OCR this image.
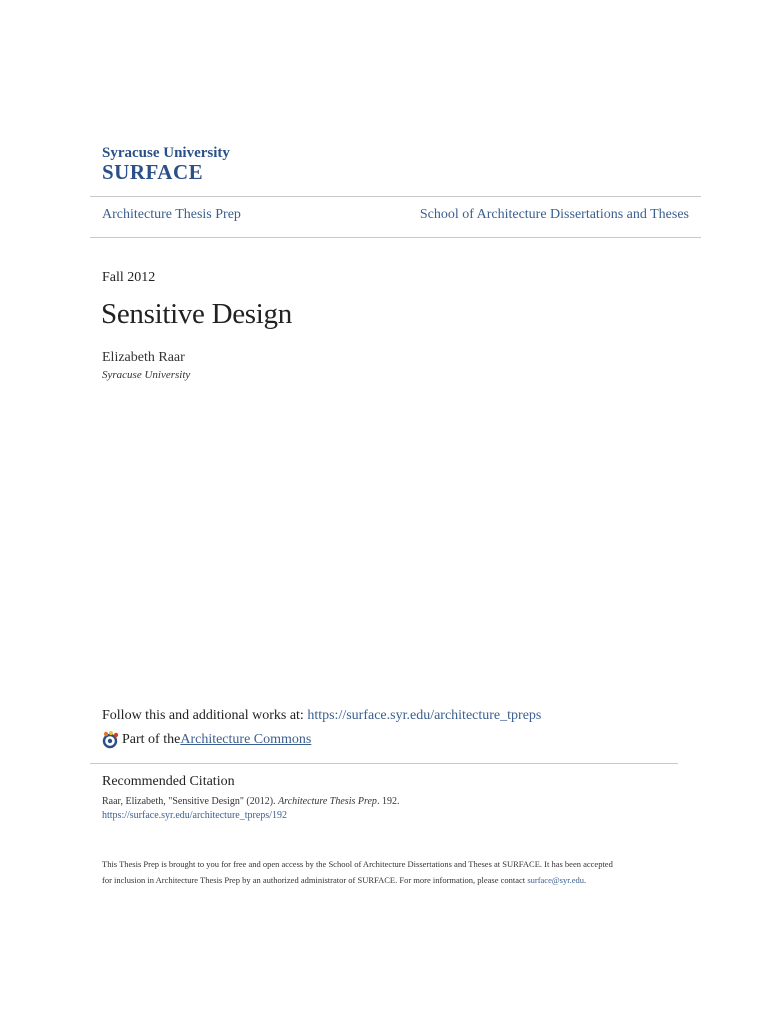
Syracuse University
SURFACE
Architecture Thesis Prep	School of Architecture Dissertations and Theses
Fall 2012
Sensitive Design
Elizabeth Raar
Syracuse University
Follow this and additional works at: https://surface.syr.edu/architecture_tpreps
Part of the Architecture Commons
Recommended Citation
Raar, Elizabeth, "Sensitive Design" (2012). Architecture Thesis Prep. 192.
https://surface.syr.edu/architecture_tpreps/192
This Thesis Prep is brought to you for free and open access by the School of Architecture Dissertations and Theses at SURFACE. It has been accepted
for inclusion in Architecture Thesis Prep by an authorized administrator of SURFACE. For more information, please contact surface@syr.edu.
